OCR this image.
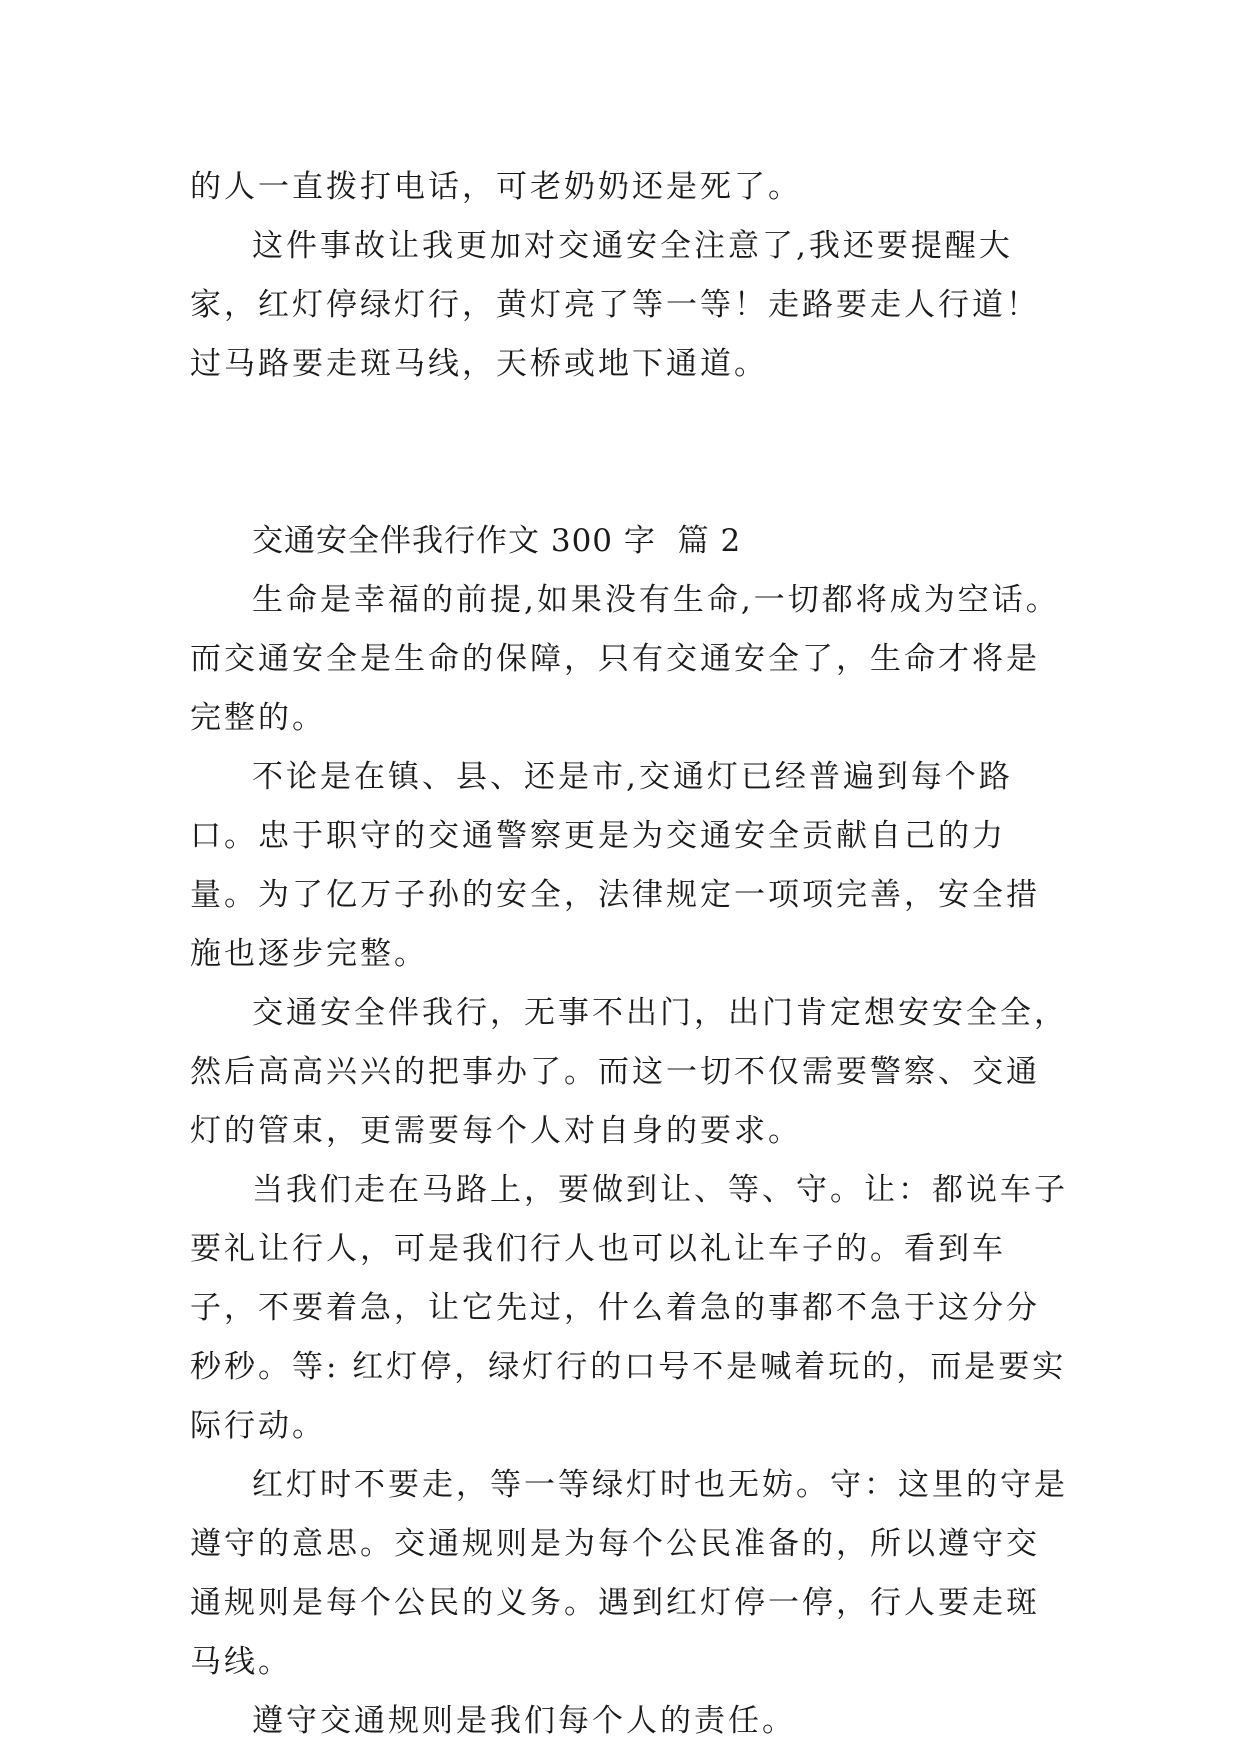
的人一直拨打电话，可老奶奶还是死了。

这件事故让我更加对交通安全注意了,我还要提醒大家，红灯停绿灯行，黄灯亮了等一等！走路要走人行道！过马路要走斑马线，天桥或地下通道。

交通安全伴我行作文 300 字  篇 2

生命是幸福的前提,如果没有生命,一切都将成为空话。而交通安全是生命的保障，只有交通安全了，生命才将是完整的。

不论是在镇、县、还是市,交通灯已经普遍到每个路口。忠于职守的交通警察更是为交通安全贡献自己的力量。为了亿万子孙的安全，法律规定一项项完善，安全措施也逐步完整。

交通安全伴我行，无事不出门，出门肯定想安安全全，然后高高兴兴的把事办了。而这一切不仅需要警察、交通灯的管束，更需要每个人对自身的要求。

当我们走在马路上，要做到让、等、守。让：都说车子要礼让行人，可是我们行人也可以礼让车子的。看到车子，不要着急，让它先过，什么着急的事都不急于这分分秒秒。等: 红灯停，绿灯行的口号不是喊着玩的，而是要实际行动。

红灯时不要走，等一等绿灯时也无妨。守：这里的守是遵守的意思。交通规则是为每个公民准备的，所以遵守交通规则是每个公民的义务。遇到红灯停一停，行人要走斑马线。

遵守交通规则是我们每个人的责任。
